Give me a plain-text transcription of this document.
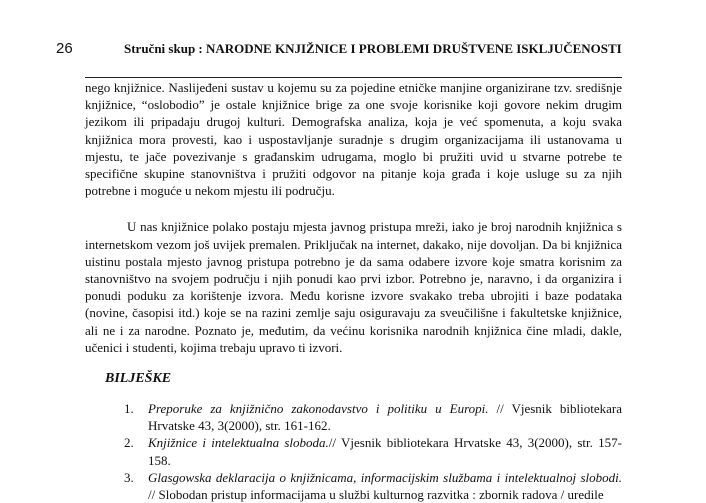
26	Stručni skup : NARODNE KNJIŽNICE I PROBLEMI DRUŠTVENE ISKLJUČENOSTI
nego knjižnice. Naslijeđeni sustav u kojemu su za pojedine etničke manjine organizirane tzv. središnje
knjižnice, “oslobodio” je ostale knjižnice brige za one svoje korisnike koji govore nekim drugim
jezikom ili pripadaju drugoj kulturi. Demografska analiza, koja je već spomenuta, a koju svaka
knjižnica mora provesti, kao i uspostavljanje suradnje s drugim organizacijama ili ustanovama u
mjestu, te jače povezivanje s građanskim udrugama, moglo bi pružiti uvid u stvarne potrebe te
specifične skupine stanovništva i pružiti odgovor na pitanje koja građa i koje usluge su za njih
potrebne i moguće u nekom mjestu ili području.
U nas knjižnice polako postaju mjesta javnog pristupa mreži, iako je broj narodnih knjižnica s
internetskom vezom još uvijek premalen. Priključak na internet, dakako, nije dovoljan. Da bi knjižnica
uistinu postala mjesto javnog pristupa potrebno je da sama odabere izvore koje smatra korisnim za
stanovništvo na svojem području i njih ponudi kao prvi izbor. Potrebno je, naravno, i da organizira i
ponudi poduku za korištenje izvora. Među korisne izvore svakako treba ubrojiti i baze podataka
(novine, časopisi itd.) koje se na razini zemlje saju osiguravaju za sveučilišne i fakultetske knjižnice,
ali ne i za narodne. Poznato je, međutim, da većinu korisnika narodnih knjižnica čine mladi, dakle,
učenici i studenti, kojima trebaju upravo ti izvori.
BILJEŠKE
1. Preporuke za knjižnično zakonodavstvo i politiku u Europi. // Vjesnik bibliotekara
Hrvatske 43, 3(2000), str. 161-162.
2. Knjižnice i intelektualna sloboda.// Vjesnik bibliotekara Hrvatske 43, 3(2000), str. 157-
158.
3. Glasgowska deklaracija o knjižnicama, informacijskim službama i intelektualnoj slobodi.
// Slobodan pristup informacijama u službi kulturnog razvitka : zbornik radova / uredile
